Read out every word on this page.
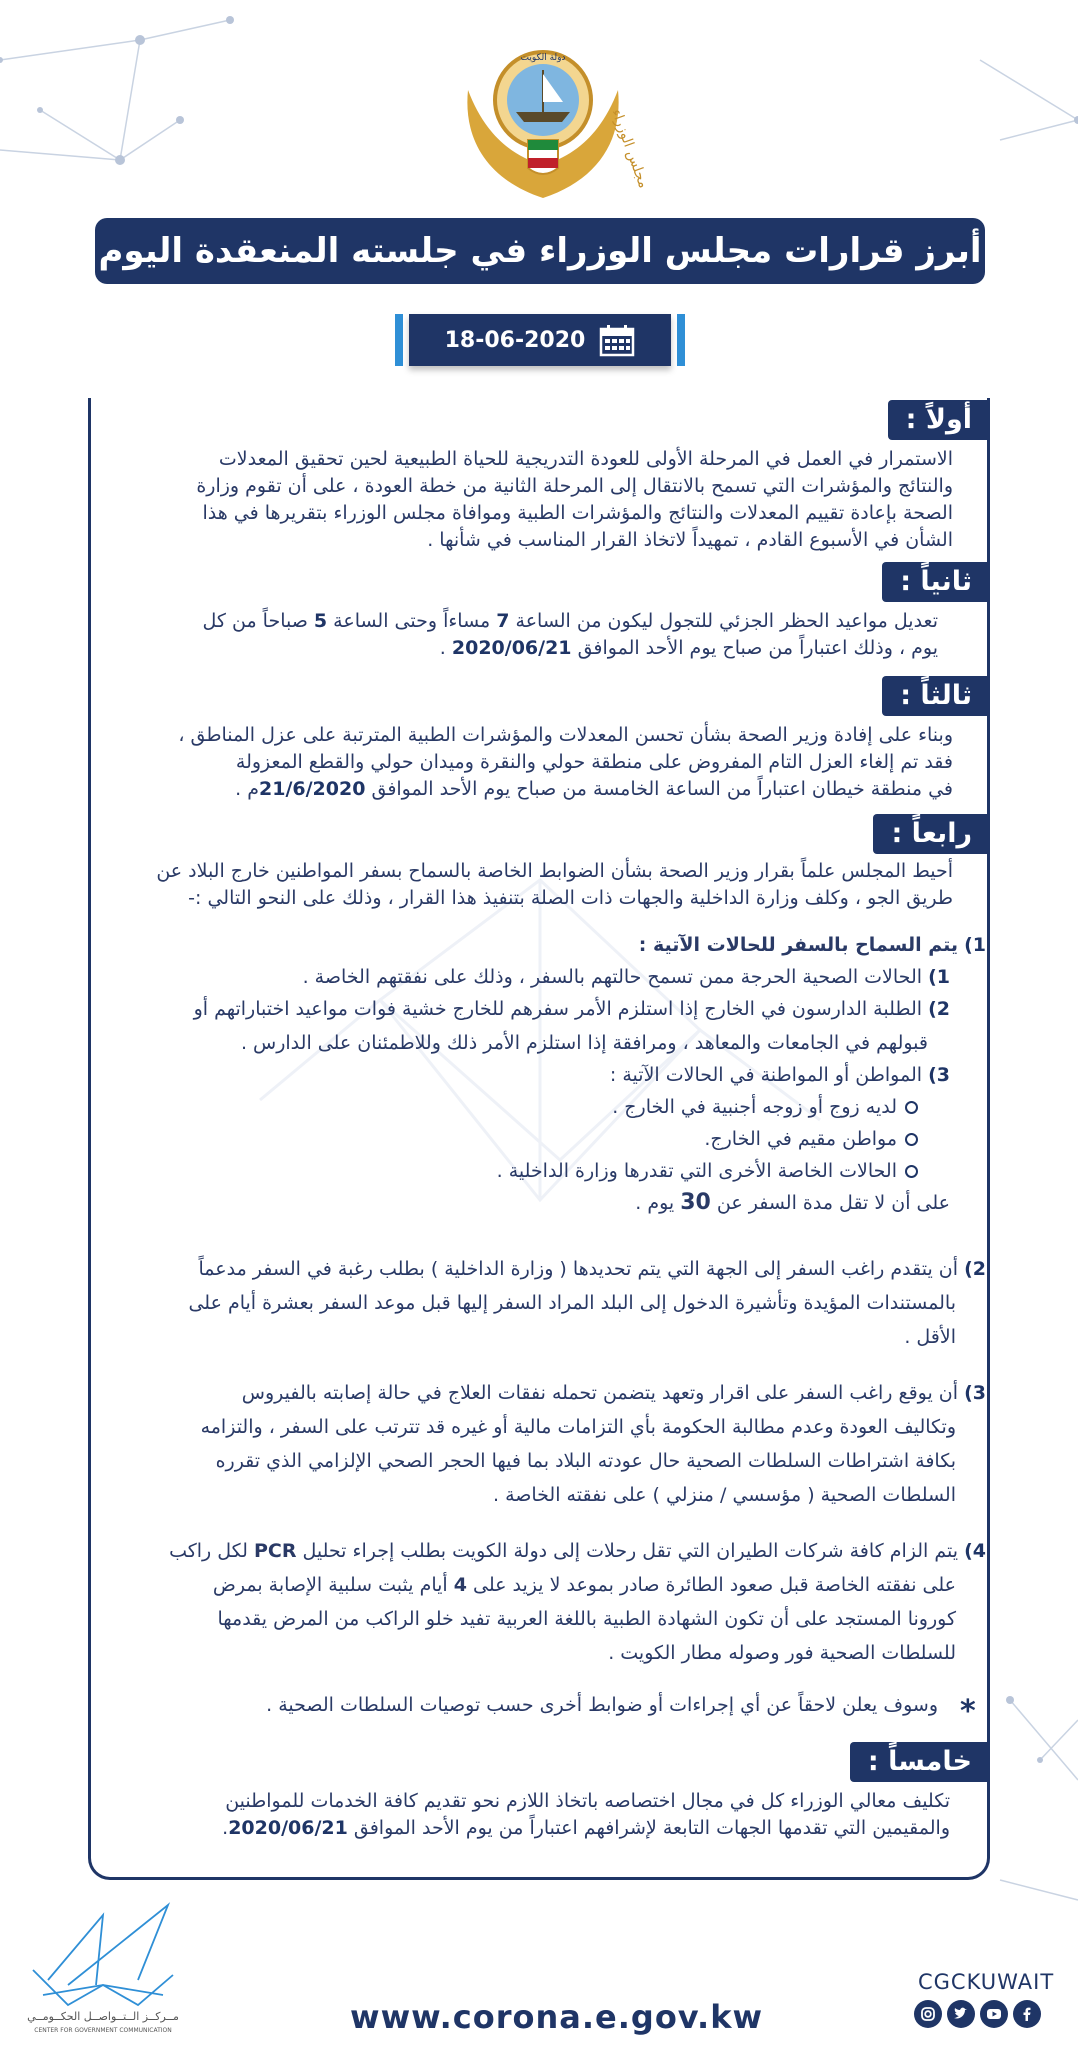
دولة الكويت
مجلس الوزراء
أبرز قرارات مجلس الوزراء في جلسته المنعقدة اليوم
18-06-2020
أولاً :
الاستمرار في العمل في المرحلة الأولى للعودة التدريجية للحياة الطبيعية لحين تحقيق المعدلات
والنتائج والمؤشرات التي تسمح بالانتقال إلى المرحلة الثانية من خطة العودة ، على أن تقوم وزارة
الصحة بإعادة تقييم المعدلات والنتائج والمؤشرات الطبية وموافاة مجلس الوزراء بتقريرها في هذا
الشأن في الأسبوع القادم ، تمهيداً لاتخاذ القرار المناسب في شأنها .
ثانياً :
تعديل مواعيد الحظر الجزئي للتجول ليكون من الساعة 7 مساءاً وحتى الساعة 5 صباحاً من كل
يوم ، وذلك اعتباراً من صباح يوم الأحد الموافق 2020/06/21 .
ثالثاً :
وبناء على إفادة وزير الصحة بشأن تحسن المعدلات والمؤشرات الطبية المترتبة على عزل المناطق ،
فقد تم إلغاء العزل التام المفروض على منطقة حولي والنقرة وميدان حولي والقطع المعزولة
في منطقة خيطان اعتباراً من الساعة الخامسة من صباح يوم الأحد الموافق 21/6/2020م .
رابعاً :
أحيط المجلس علماً بقرار وزير الصحة بشأن الضوابط الخاصة بالسماح بسفر المواطنين خارج البلاد عن
طريق الجو ، وكلف وزارة الداخلية والجهات ذات الصلة بتنفيذ هذا القرار ، وذلك على النحو التالي :-
1) يتم السماح بالسفر للحالات الآتية :
1) الحالات الصحية الحرجة ممن تسمح حالتهم بالسفر ، وذلك على نفقتهم الخاصة .
2) الطلبة الدارسون في الخارج إذا استلزم الأمر سفرهم للخارج خشية فوات مواعيد اختباراتهم أو
قبولهم في الجامعات والمعاهد ، ومرافقة إذا استلزم الأمر ذلك وللاطمئنان على الدارس .
3) المواطن أو المواطنة في الحالات الآتية :
لديه زوج أو زوجه أجنبية في الخارج .
مواطن مقيم في الخارج.
الحالات الخاصة الأخرى التي تقدرها وزارة الداخلية .
على أن لا تقل مدة السفر عن 30 يوم .
2) أن يتقدم راغب السفر إلى الجهة التي يتم تحديدها ( وزارة الداخلية ) بطلب رغبة في السفر مدعماً
بالمستندات المؤيدة وتأشيرة الدخول إلى البلد المراد السفر إليها قبل موعد السفر بعشرة أيام على
الأقل .
3) أن يوقع راغب السفر على اقرار وتعهد يتضمن تحمله نفقات العلاج في حالة إصابته بالفيروس
وتكاليف العودة وعدم مطالبة الحكومة بأي التزامات مالية أو غيره قد تترتب على السفر ، والتزامه
بكافة اشتراطات السلطات الصحية حال عودته البلاد بما فيها الحجر الصحي الإلزامي الذي تقرره
السلطات الصحية ( مؤسسي / منزلي ) على نفقته الخاصة .
4) يتم الزام كافة شركات الطيران التي تقل رحلات إلى دولة الكويت بطلب إجراء تحليل PCR لكل راكب
على نفقته الخاصة قبل صعود الطائرة صادر بموعد لا يزيد على 4 أيام يثبت سلبية الإصابة بمرض
كورونا المستجد على أن تكون الشهادة الطبية باللغة العربية تفيد خلو الراكب من المرض يقدمها
للسلطات الصحية فور وصوله مطار الكويت .
*
وسوف يعلن لاحقاً عن أي إجراءات أو ضوابط أخرى حسب توصيات السلطات الصحية .
خامساً :
تكليف معالي الوزراء كل في مجال اختصاصه باتخاذ اللازم نحو تقديم كافة الخدمات للمواطنين
والمقيمين التي تقدمها الجهات التابعة لإشرافهم اعتباراً من يوم الأحد الموافق 2020/06/21.
مــركــز الــتــواصــل الحكــومــي
CENTER FOR GOVERNMENT COMMUNICATION	www.corona.e.gov.kw
CGCKUWAIT
